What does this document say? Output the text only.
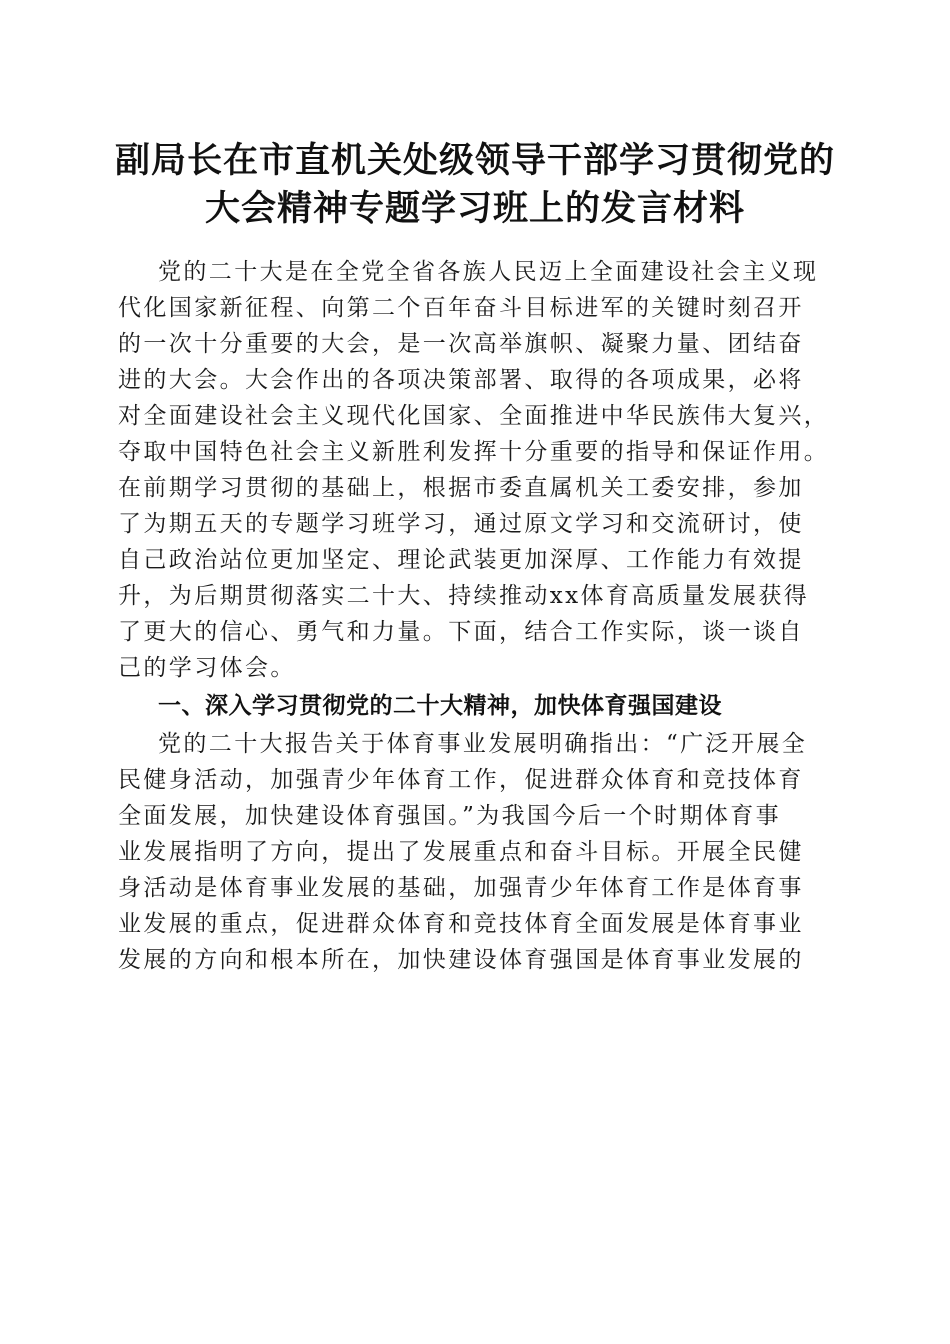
副局长在市直机关处级领导干部学习贯彻党的
大会精神专题学习班上的发言材料
党的二十大是在全党全省各族人民迈上全面建设社会主义现
代化国家新征程、向第二个百年奋斗目标进军的关键时刻召开
的一次十分重要的大会，是一次高举旗帜、凝聚力量、团结奋
进的大会。大会作出的各项决策部署、取得的各项成果，必将
对全面建设社会主义现代化国家、全面推进中华民族伟大复兴，
夺取中国特色社会主义新胜利发挥十分重要的指导和保证作用。
在前期学习贯彻的基础上，根据市委直属机关工委安排，参加
了为期五天的专题学习班学习，通过原文学习和交流研讨，使
自己政治站位更加坚定、理论武装更加深厚、工作能力有效提
升，为后期贯彻落实二十大、持续推动xx体育高质量发展获得
了更大的信心、勇气和力量。下面，结合工作实际，谈一谈自
己的学习体会。
一、深入学习贯彻党的二十大精神，加快体育强国建设
党的二十大报告关于体育事业发展明确指出：“广泛开展全
民健身活动，加强青少年体育工作，促进群众体育和竞技体育
全面发展，加快建设体育强国。”为我国今后一个时期体育事
业发展指明了方向，提出了发展重点和奋斗目标。开展全民健
身活动是体育事业发展的基础，加强青少年体育工作是体育事
业发展的重点，促进群众体育和竞技体育全面发展是体育事业
发展的方向和根本所在，加快建设体育强国是体育事业发展的
